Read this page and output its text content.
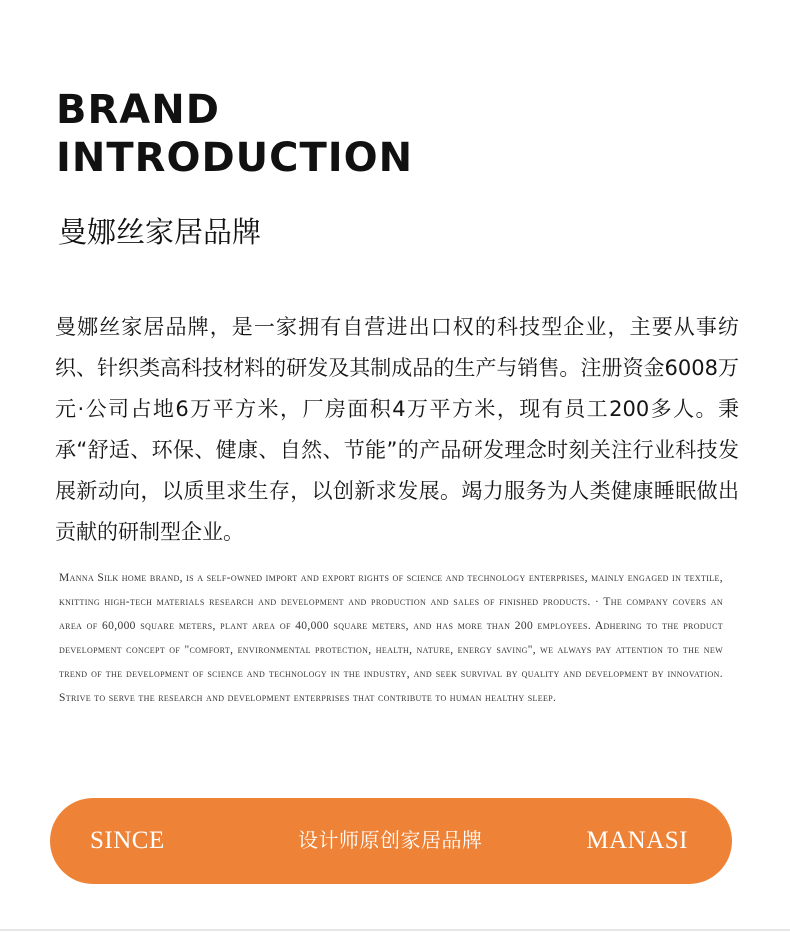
BRAND
INTRODUCTION
曼娜丝家居品牌

曼娜丝家居品牌，是一家拥有自营进出口权的科技型企业，主要从事纺织、针织类高科技材料的研发及其制成品的生产与销售。注册资金6008万元·公司占地6万平方米，厂房面积4万平方米，现有员工200多人。秉承“舒适、环保、健康、自然、节能”的产品研发理念时刻关注行业科技发展新动向，以质里求生存，以创新求发展。竭力服务为人类健康睡眠做出贡献的研制型企业。

Manna Silk home brand, is a self-owned import and export rights of science and technology enterprises, mainly engaged in textile, knitting high-tech materials research and development and production and sales of finished products. · The company covers an area of 60,000 square meters, plant area of 40,000 square meters, and has more than 200 employees. Adhering to the product development concept of "comfort, environmental protection, health, nature, energy saving", we always pay attention to the new trend of the development of science and technology in the industry, and seek survival by quality and development by innovation. Strive to serve the research and development enterprises that contribute to human healthy sleep.

SINCE	设计师原创家居品牌	MANASI
